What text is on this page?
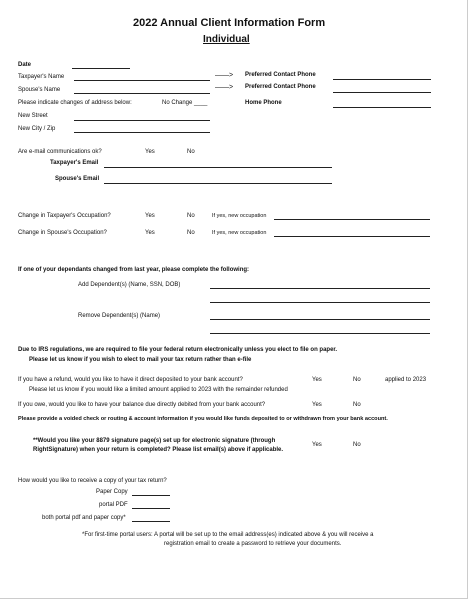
2022 Annual Client Information Form
Individual
Date
Taxpayer's Name	——> Preferred Contact Phone
Spouse's Name	——> Preferred Contact Phone
Please indicate changes of address below:	No Change ____	Home Phone
New Street
New City / Zip
Are e-mail communications ok?	Yes	No
Taxpayer's Email
Spouse's Email
Change in Taxpayer's Occupation?	Yes	No	If yes, new occupation
Change in Spouse's Occupation?	Yes	No	If yes, new occupation
If one of your dependants changed from last year, please complete the following:
Add Dependent(s) (Name, SSN, DOB)
Remove Dependent(s) (Name)
Due to IRS regulations, we are required to file your federal return electronically unless you elect to file on paper.
Please let us know if you wish to elect to mail your tax return rather than e-file
If you have a refund, would you like to have it direct deposited to your bank account?	Yes	No	applied to 2023
Please let us know if you would like a limited amount applied to 2023 with the remainder refunded
If you owe, would you like to have your balance due directly debited from your bank account?	Yes	No
Please provide a voided check or routing & account information if you would like funds deposited to or withdrawn from your bank account.
**Would you like your 8879 signature page(s) set up for electronic signature (through
RightSignature) when your return is completed? Please list email(s) above if applicable.
Yes	No
How would you like to receive a copy of your tax return?
Paper Copy
portal PDF
both portal pdf and paper copy*
*For first-time portal users: A portal will be set up to the email address(es) indicated above & you will receive a
registration email to create a password to retrieve your documents.
